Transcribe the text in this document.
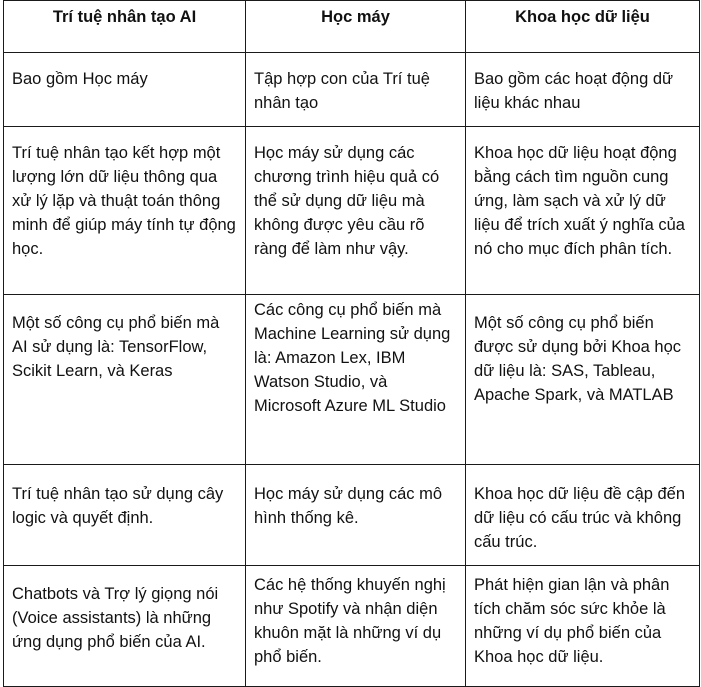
Trí tuệ nhân tạo AI	Học máy	Khoa học dữ liệu
Bao gồm Học máy	Tập hợp con của Trí tuệ nhân tạo	Bao gồm các hoạt động dữ liệu khác nhau
Trí tuệ nhân tạo kết hợp một lượng lớn dữ liệu thông qua xử lý lặp và thuật toán thông minh để giúp máy tính tự động học.	Học máy sử dụng các chương trình hiệu quả có thể sử dụng dữ liệu mà không được yêu cầu rõ ràng để làm như vậy.	Khoa học dữ liệu hoạt động bằng cách tìm nguồn cung ứng, làm sạch và xử lý dữ liệu để trích xuất ý nghĩa của nó cho mục đích phân tích.
Một số công cụ phổ biến mà AI sử dụng là: TensorFlow, Scikit Learn, và Keras	Các công cụ phổ biến mà Machine Learning sử dụng là: Amazon Lex, IBM Watson Studio, và Microsoft Azure ML Studio	Một số công cụ phổ biến được sử dụng bởi Khoa học dữ liệu là: SAS, Tableau, Apache Spark, và MATLAB
Trí tuệ nhân tạo sử dụng cây logic và quyết định.	Học máy sử dụng các mô hình thống kê.	Khoa học dữ liệu đề cập đến dữ liệu có cấu trúc và không cấu trúc.
Chatbots và Trợ lý giọng nói (Voice assistants) là những ứng dụng phổ biến của AI.	Các hệ thống khuyến nghị như Spotify và nhận diện khuôn mặt là những ví dụ phổ biến.	Phát hiện gian lận và phân tích chăm sóc sức khỏe là những ví dụ phổ biến của Khoa học dữ liệu.
